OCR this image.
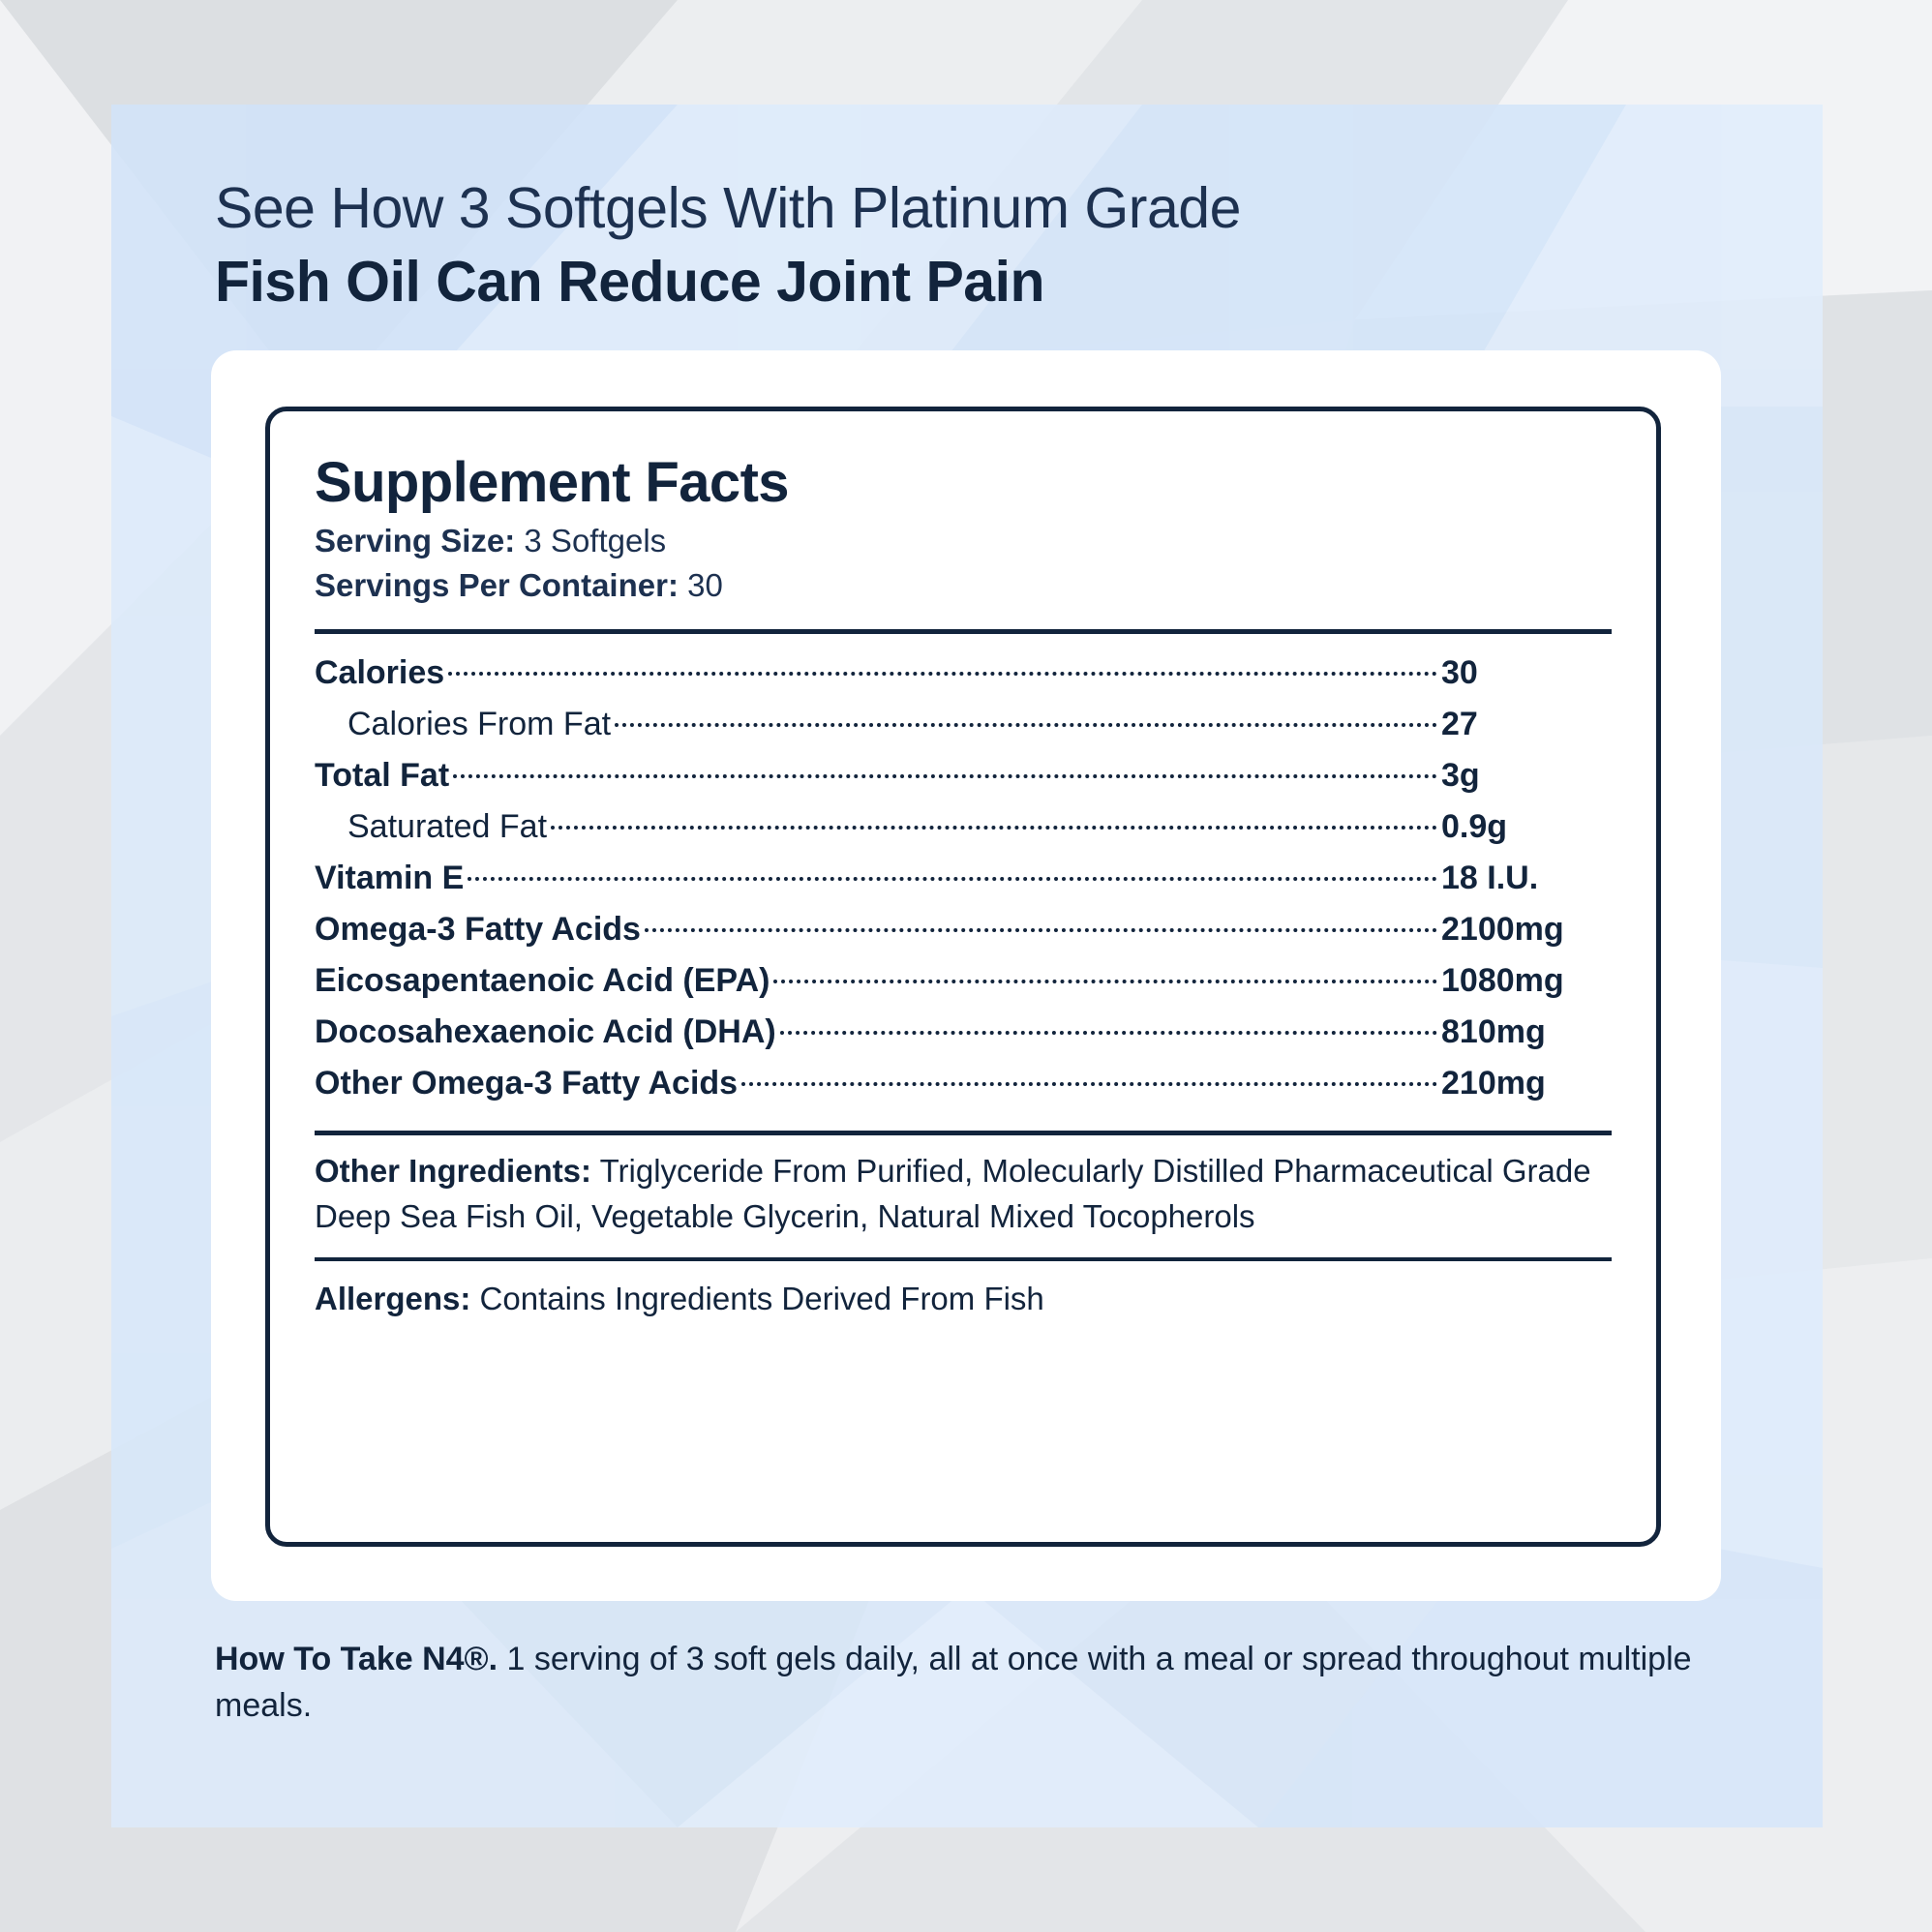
See How 3 Softgels With Platinum Grade
Fish Oil Can Reduce Joint Pain
Supplement Facts
Serving Size: 3 Softgels
Servings Per Container: 30
Calories	30
Calories From Fat	27
Total Fat	3g
Saturated Fat	0.9g
Vitamin E	18 I.U.
Omega-3 Fatty Acids	2100mg
Eicosapentaenoic Acid (EPA)	1080mg
Docosahexaenoic Acid (DHA)	810mg
Other Omega-3 Fatty Acids	210mg
Other Ingredients: Triglyceride From Purified, Molecularly Distilled Pharmaceutical Grade Deep Sea Fish Oil, Vegetable Glycerin, Natural Mixed Tocopherols
Allergens: Contains Ingredients Derived From Fish
How To Take N4®. 1 serving of 3 soft gels daily, all at once with a meal or spread throughout multiple meals.
